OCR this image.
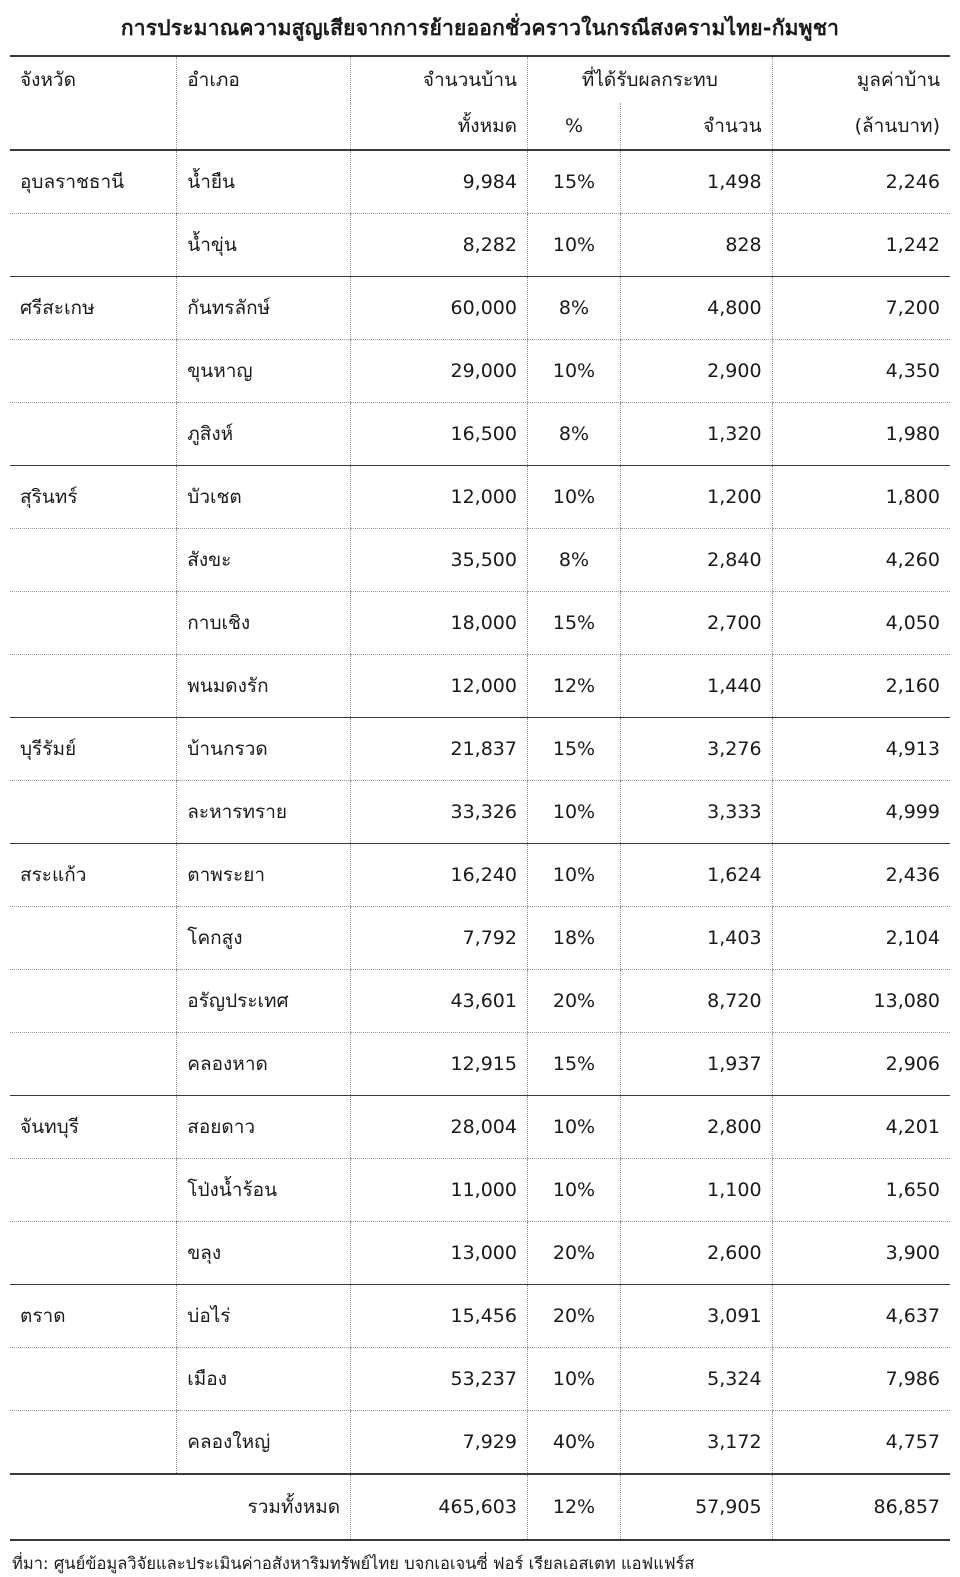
การประมาณความสูญเสียจากการย้ายออกชั่วคราวในกรณีสงครามไทย-กัมพูชา
จังหวัด	อำเภอ	จำนวนบ้าน	ที่ได้รับผลกระทบ		มูลค่าบ้าน
		ทั้งหมด	%	จำนวน	(ล้านบาท)
อุบลราชธานี	น้ำยืน	9,984	15%	1,498	2,246
	น้ำขุ่น	8,282	10%	828	1,242
ศรีสะเกษ	กันทรลักษ์	60,000	8%	4,800	7,200
	ขุนหาญ	29,000	10%	2,900	4,350
	ภูสิงห์	16,500	8%	1,320	1,980
สุรินทร์	บัวเชต	12,000	10%	1,200	1,800
	สังขะ	35,500	8%	2,840	4,260
	กาบเชิง	18,000	15%	2,700	4,050
	พนมดงรัก	12,000	12%	1,440	2,160
บุรีรัมย์	บ้านกรวด	21,837	15%	3,276	4,913
	ละหารทราย	33,326	10%	3,333	4,999
สระแก้ว	ตาพระยา	16,240	10%	1,624	2,436
	โคกสูง	7,792	18%	1,403	2,104
	อรัญประเทศ	43,601	20%	8,720	13,080
	คลองหาด	12,915	15%	1,937	2,906
จันทบุรี	สอยดาว	28,004	10%	2,800	4,201
	โป่งน้ำร้อน	11,000	10%	1,100	1,650
	ขลุง	13,000	20%	2,600	3,900
ตราด	บ่อไร่	15,456	20%	3,091	4,637
	เมือง	53,237	10%	5,324	7,986
	คลองใหญ่	7,929	40%	3,172	4,757
รวมทั้งหมด		465,603	12%	57,905	86,857
ที่มา: ศูนย์ข้อมูลวิจัยและประเมินค่าอสังหาริมทรัพย์ไทย บจกเอเจนซี่ ฟอร์ เรียลเอสเตท แอฟแฟร์ส
